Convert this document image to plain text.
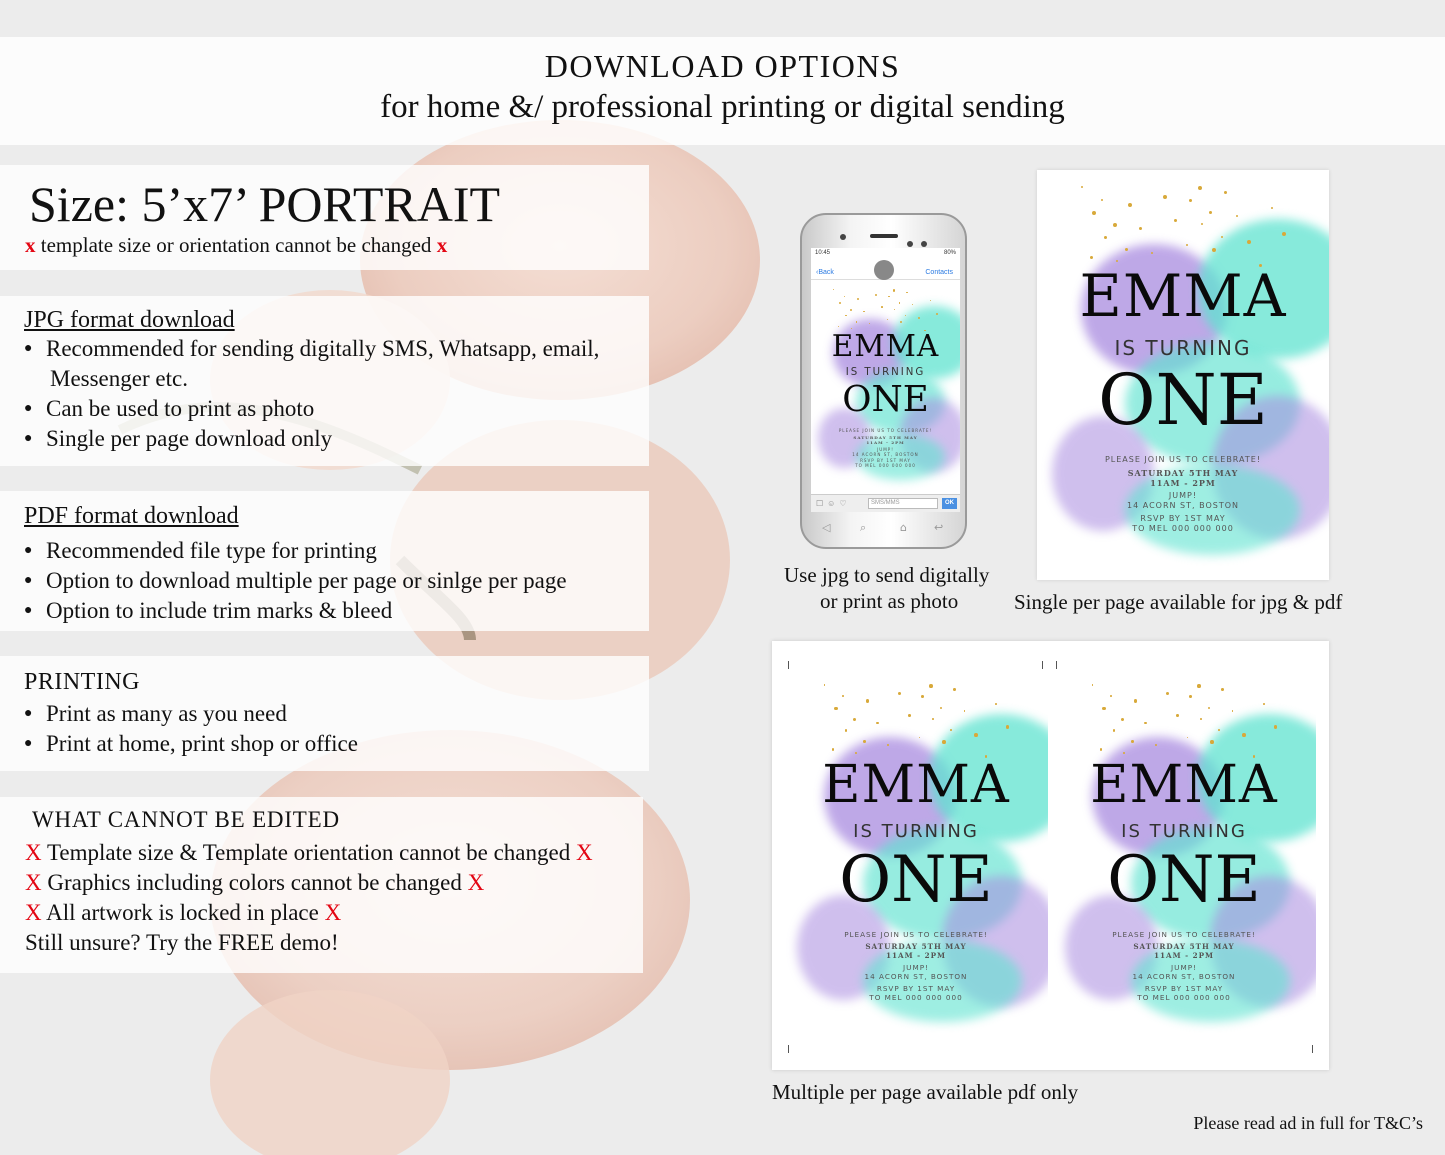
DOWNLOAD OPTIONS
for home &/ professional printing or digital sending
Size: 5’x7’ PORTRAIT
x template size or orientation cannot be changed x
JPG format download
● Recommended for sending digitally SMS, Whatsapp, email,
Messenger etc.
● Can be used to print as photo
● Single per page download only
PDF format download
● Recommended file type for printing
● Option to download multiple per page or sinlge per page
● Option to include trim marks & bleed
PRINTING
● Print as many as you need
● Print at home, print shop or office
WHAT CANNOT BE EDITED
X Template size & Template orientation cannot be changed X
X Graphics including colors cannot be changed X
X All artwork is locked in place X
Still unsure? Try the FREE demo!
10:45	80%
‹Back	Contacts
EMMA
IS TURNING
ONE
PLEASE JOIN US TO CELEBRATE!
SATURDAY 5TH MAY
11AM - 2PM
JUMP!
14 ACORN ST, BOSTON
RSVP BY 1ST MAY
TO MEL 000 000 000
☐☺♡	SMS/MMS	OK
◁	⌕	⌂ ↩
Use jpg to send digitally
or print as photo
EMMA
IS TURNING
ONE
PLEASE JOIN US TO CELEBRATE!
SATURDAY 5TH MAY
11AM - 2PM
JUMP!
14 ACORN ST, BOSTON
RSVP BY 1ST MAY
TO MEL 000 000 000
Single per page available for jpg & pdf
EMMA
IS TURNING
ONE
PLEASE JOIN US TO CELEBRATE!
SATURDAY 5TH MAY
11AM - 2PM
JUMP!
14 ACORN ST, BOSTON
RSVP BY 1ST MAY
TO MEL 000 000 000
EMMA
IS TURNING
ONE
PLEASE JOIN US TO CELEBRATE!
SATURDAY 5TH MAY
11AM - 2PM
JUMP!
14 ACORN ST, BOSTON
RSVP BY 1ST MAY
TO MEL 000 000 000
Multiple per page available pdf only
Please read ad in full for T&C’s
